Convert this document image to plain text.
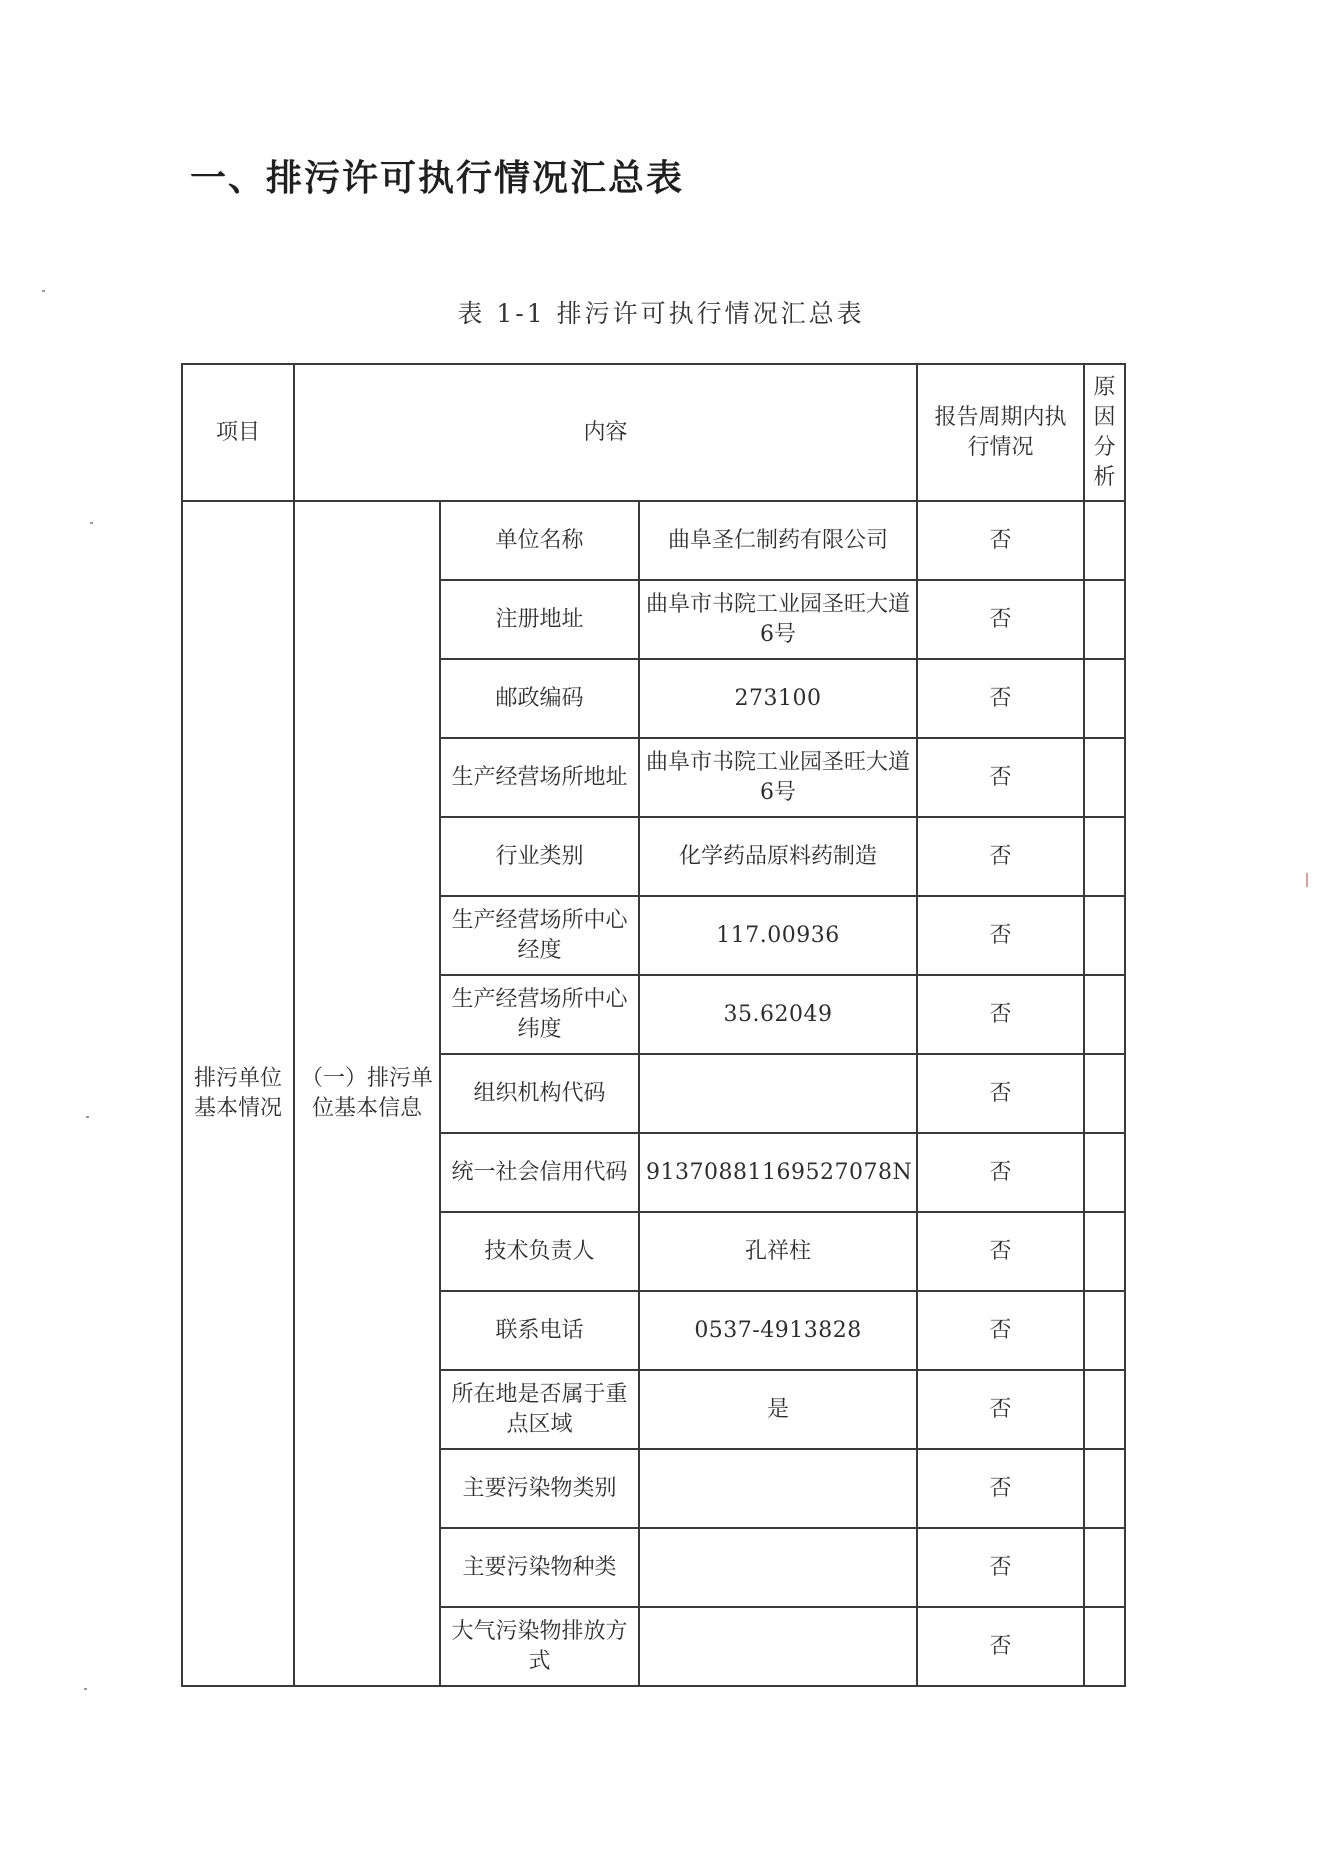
一、排污许可执行情况汇总表
表 1-1 排污许可执行情况汇总表
项目	内容			报告周期内执行情况	原因分析
排污单位基本情况	（一）排污单位基本信息	单位名称	曲阜圣仁制药有限公司	否	
		注册地址	曲阜市书院工业园圣旺大道6号	否	
		邮政编码	273100	否	
		生产经营场所地址	曲阜市书院工业园圣旺大道6号	否	
		行业类别	化学药品原料药制造	否	
		生产经营场所中心经度	117.00936	否	
		生产经营场所中心纬度	35.62049	否	
		组织机构代码		否	
		统一社会信用代码	91370881169527078N	否	
		技术负责人	孔祥柱	否	
		联系电话	0537-4913828	否	
		所在地是否属于重点区域	是	否	
		主要污染物类别		否	
		主要污染物种类		否	
		大气污染物排放方式		否	
